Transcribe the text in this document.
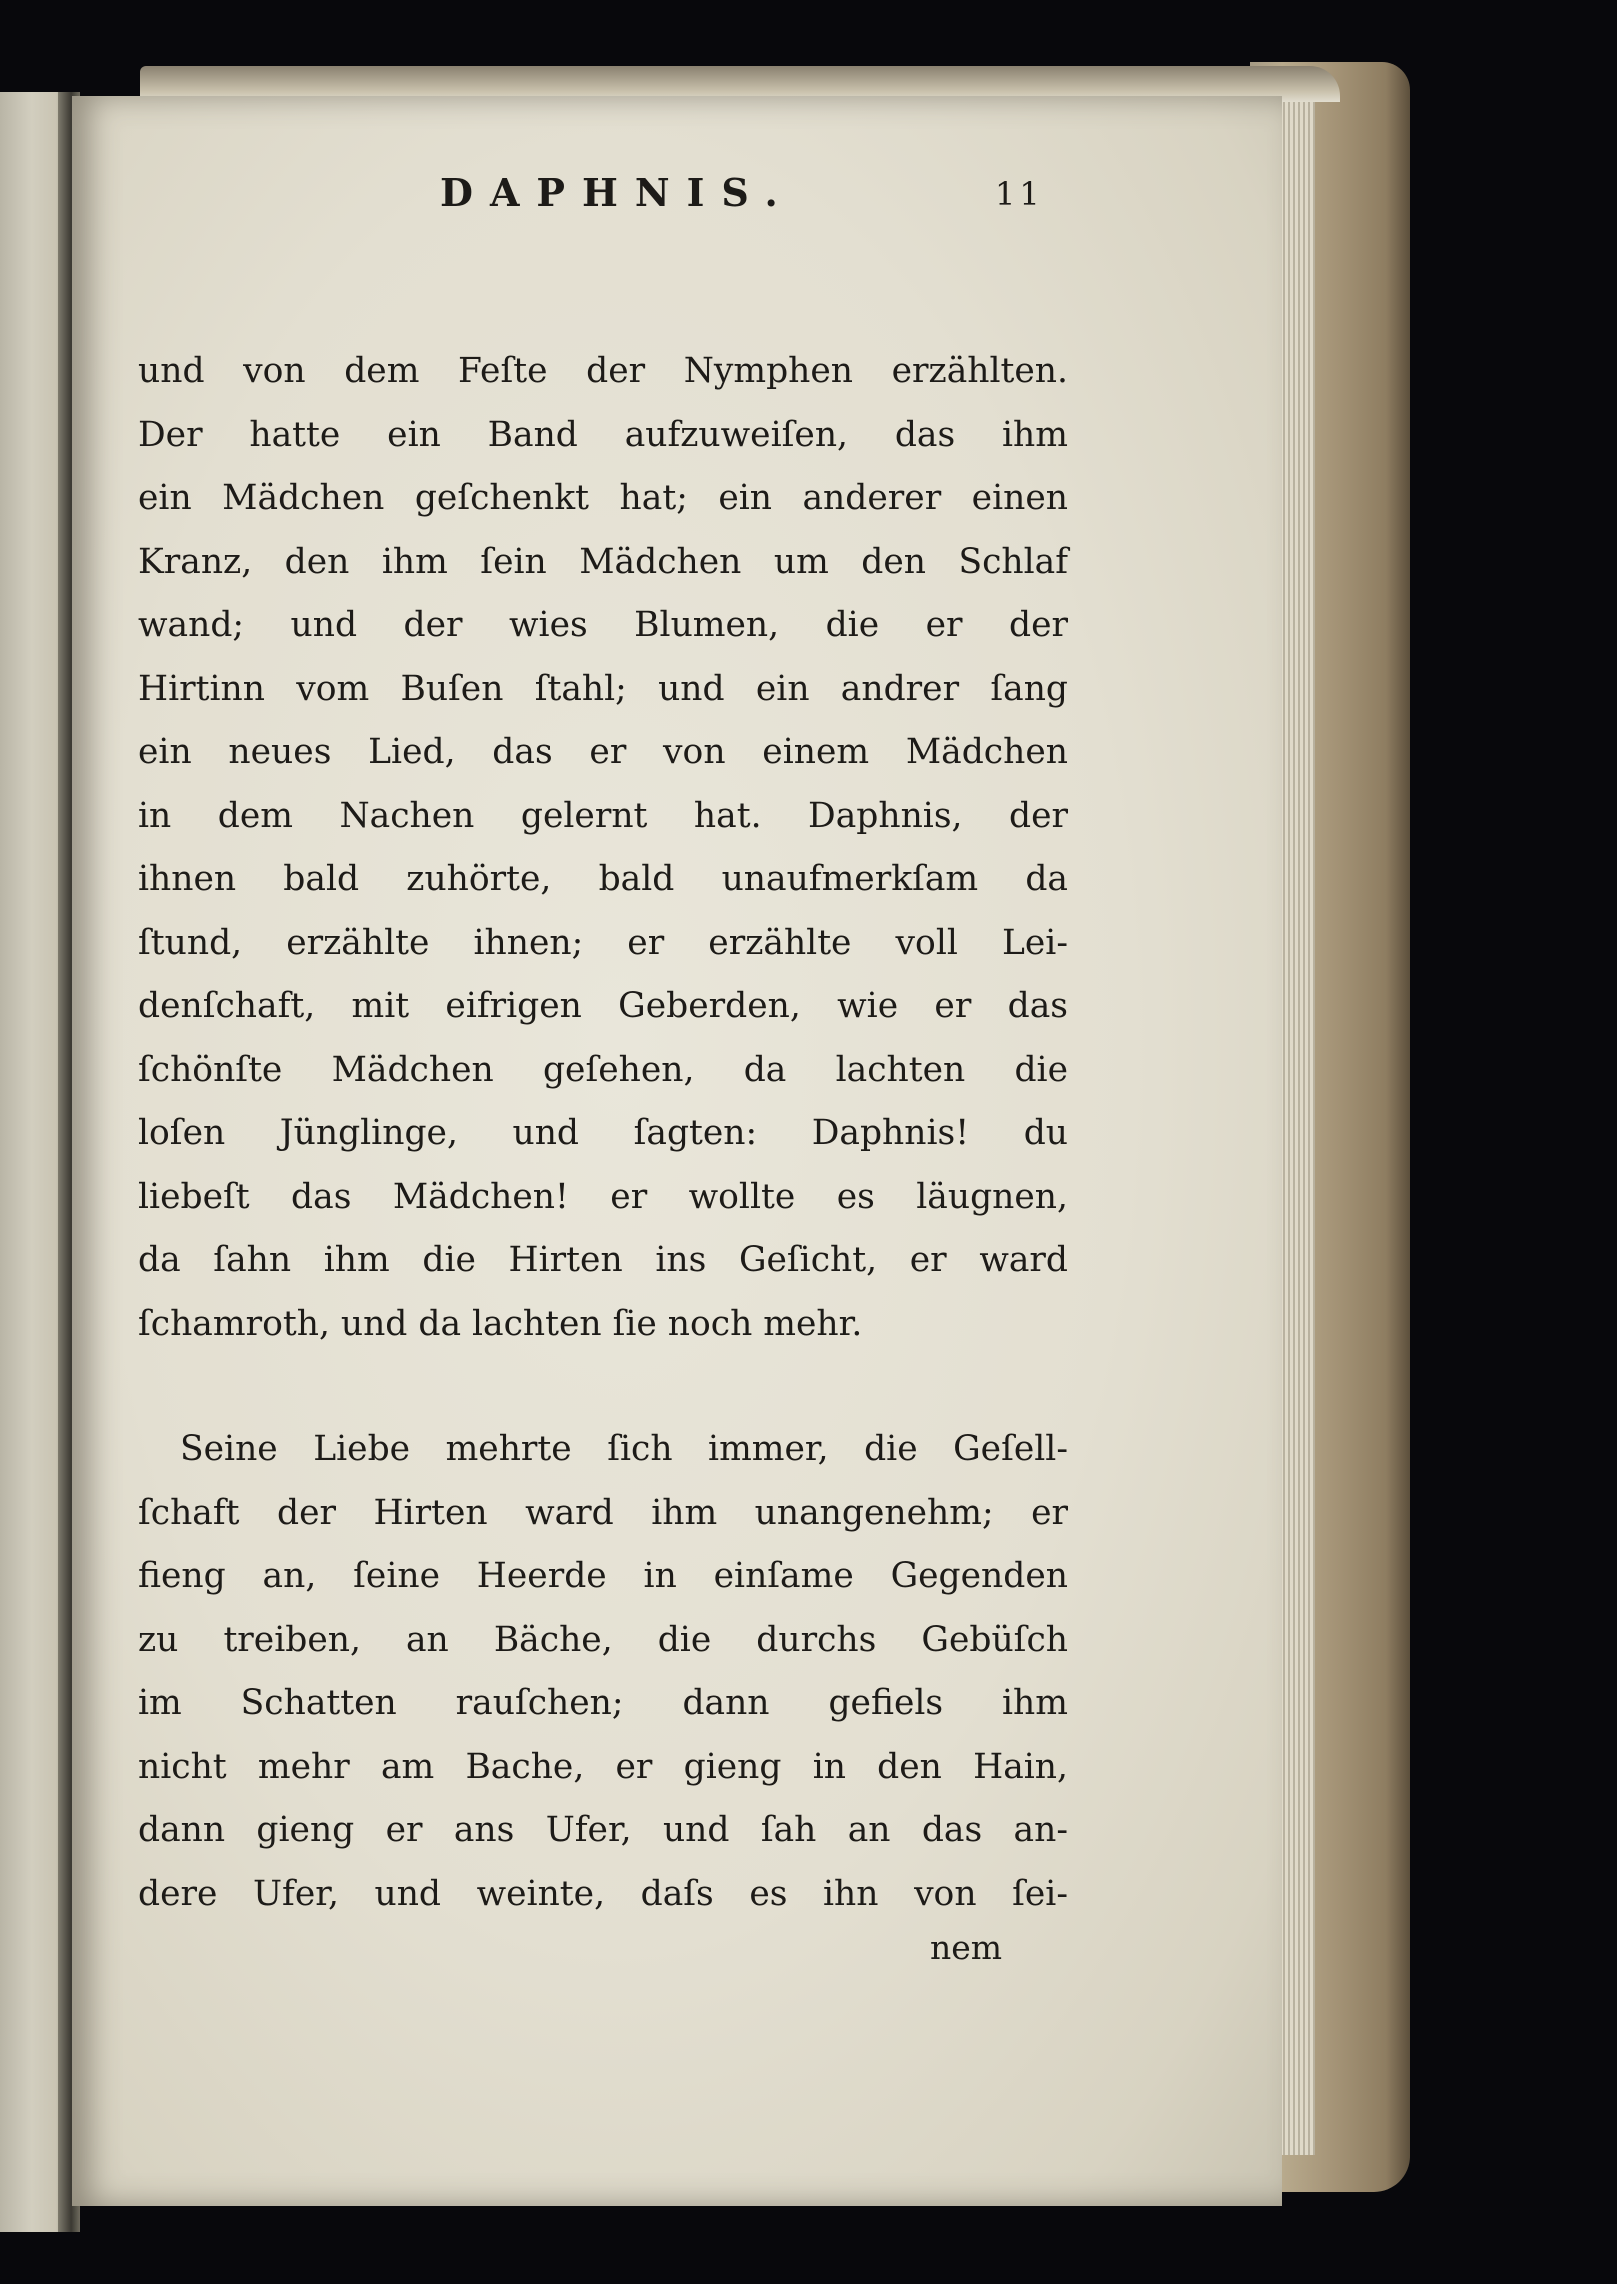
DAPHNIS.	11
und von dem Feſte der Nymphen erzählten.
Der hatte ein Band aufzuweiſen, das ihm
ein Mädchen geſchenkt hat; ein anderer einen
Kranz, den ihm ſein Mädchen um den Schlaf
wand; und der wies Blumen, die er der
Hirtinn vom Buſen ſtahl; und ein andrer ſang
ein neues Lied, das er von einem Mädchen
in dem Nachen gelernt hat. Daphnis, der
ihnen bald zuhörte, bald unaufmerkſam da
ſtund, erzählte ihnen; er erzählte voll Lei-
denſchaft, mit eifrigen Geberden, wie er das
ſchönſte Mädchen geſehen, da lachten die
loſen Jünglinge, und ſagten: Daphnis! du
liebeſt das Mädchen! er wollte es läugnen,
da ſahn ihm die Hirten ins Geſicht, er ward
ſchamroth, und da lachten ſie noch mehr.
Seine Liebe mehrte ſich immer, die Geſell-
ſchaft der Hirten ward ihm unangenehm; er
fieng an, ſeine Heerde in einſame Gegenden
zu treiben, an Bäche, die durchs Gebüſch
im Schatten rauſchen; dann gefiels ihm
nicht mehr am Bache, er gieng in den Hain,
dann gieng er ans Ufer, und ſah an das an-
dere Ufer, und weinte, daſs es ihn von ſei-
nem
